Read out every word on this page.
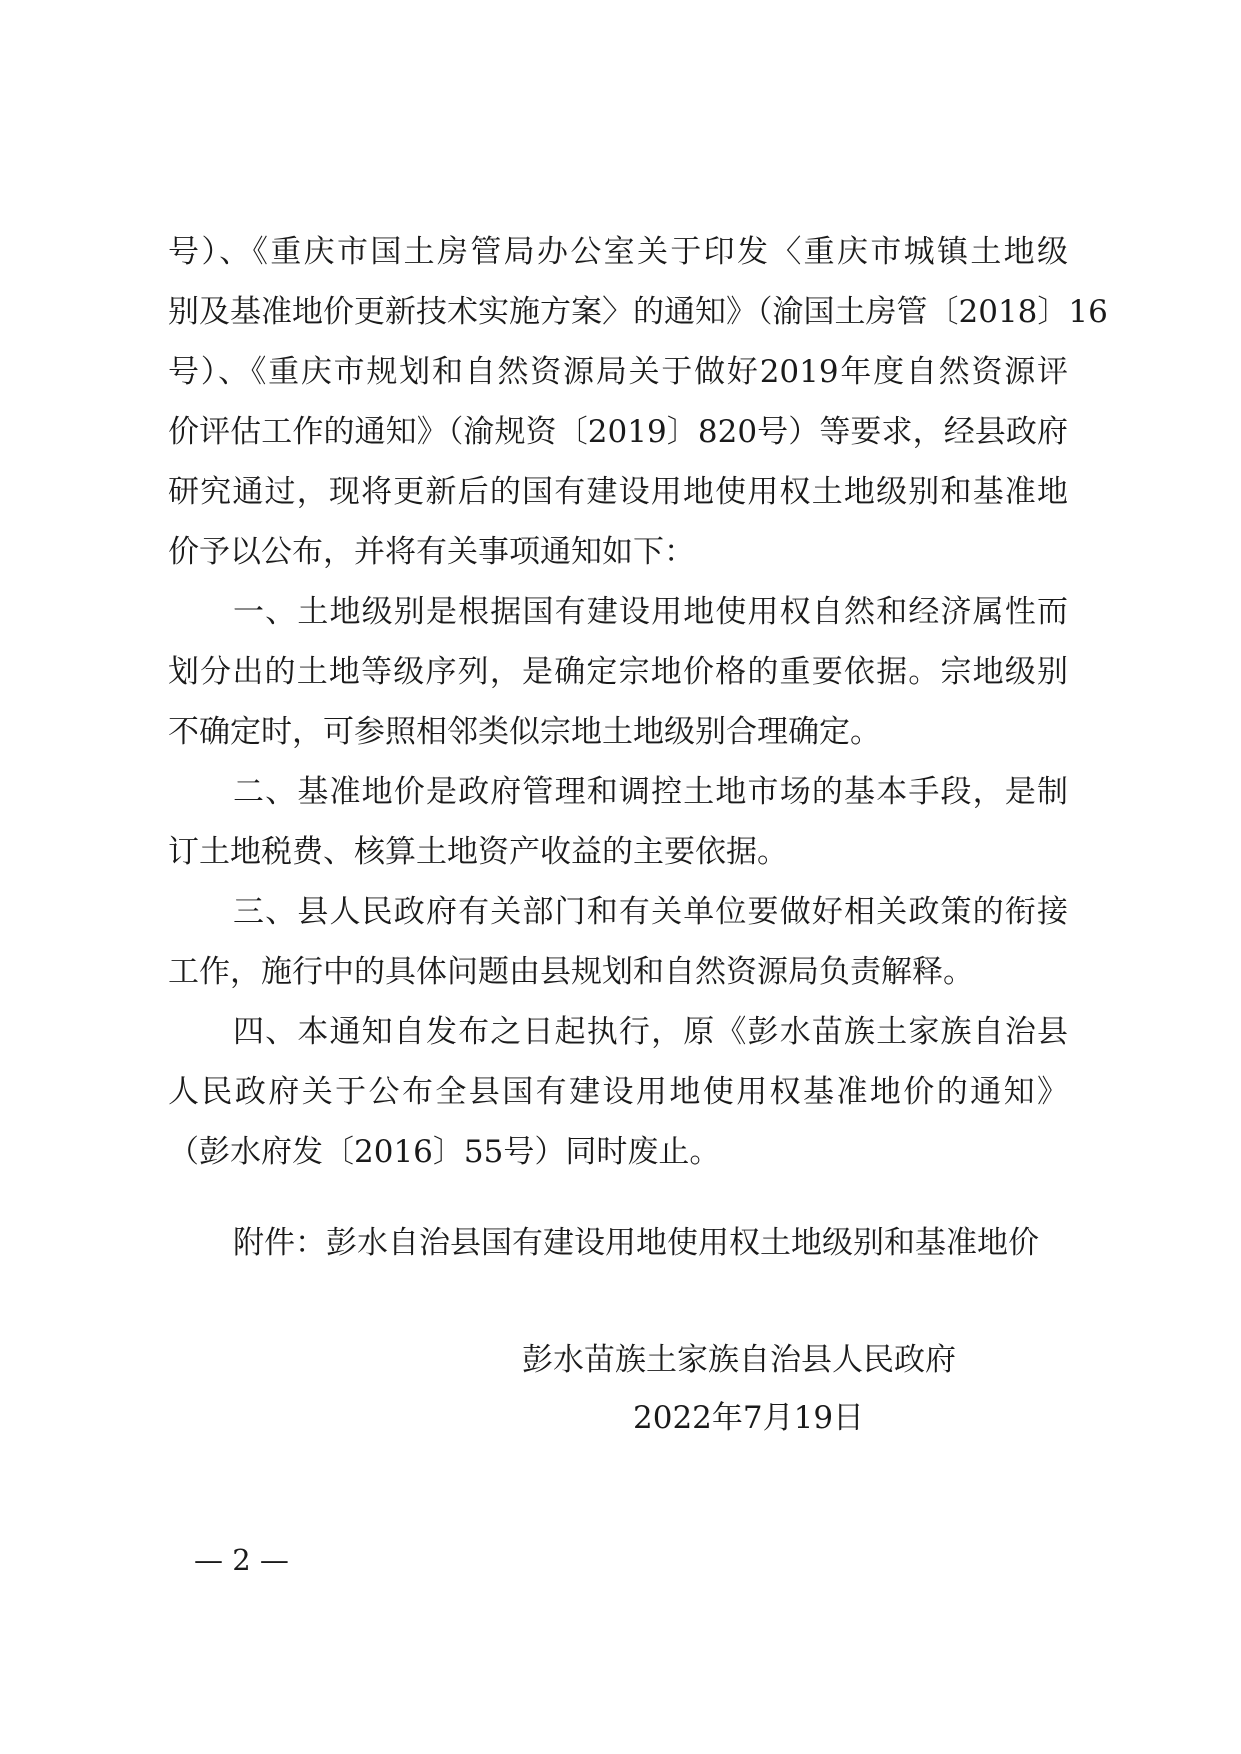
号）、《重庆市国土房管局办公室关于印发〈重庆市城镇土地级
别及基准地价更新技术实施方案〉的通知》（渝国土房管〔2018〕16
号）、《重庆市规划和自然资源局关于做好2019年度自然资源评
价评估工作的通知》（渝规资〔2019〕820号）等要求，经县政府
研究通过，现将更新后的国有建设用地使用权土地级别和基准地
价予以公布，并将有关事项通知如下：
一、土地级别是根据国有建设用地使用权自然和经济属性而
划分出的土地等级序列，是确定宗地价格的重要依据。宗地级别
不确定时，可参照相邻类似宗地土地级别合理确定。
二、基准地价是政府管理和调控土地市场的基本手段，是制
订土地税费、核算土地资产收益的主要依据。
三、县人民政府有关部门和有关单位要做好相关政策的衔接
工作，施行中的具体问题由县规划和自然资源局负责解释。
四、本通知自发布之日起执行，原《彭水苗族土家族自治县
人民政府关于公布全县国有建设用地使用权基准地价的通知》
（彭水府发〔2016〕55号）同时废止。
附件：彭水自治县国有建设用地使用权土地级别和基准地价
彭水苗族土家族自治县人民政府
2022年7月19日
— 2 —
